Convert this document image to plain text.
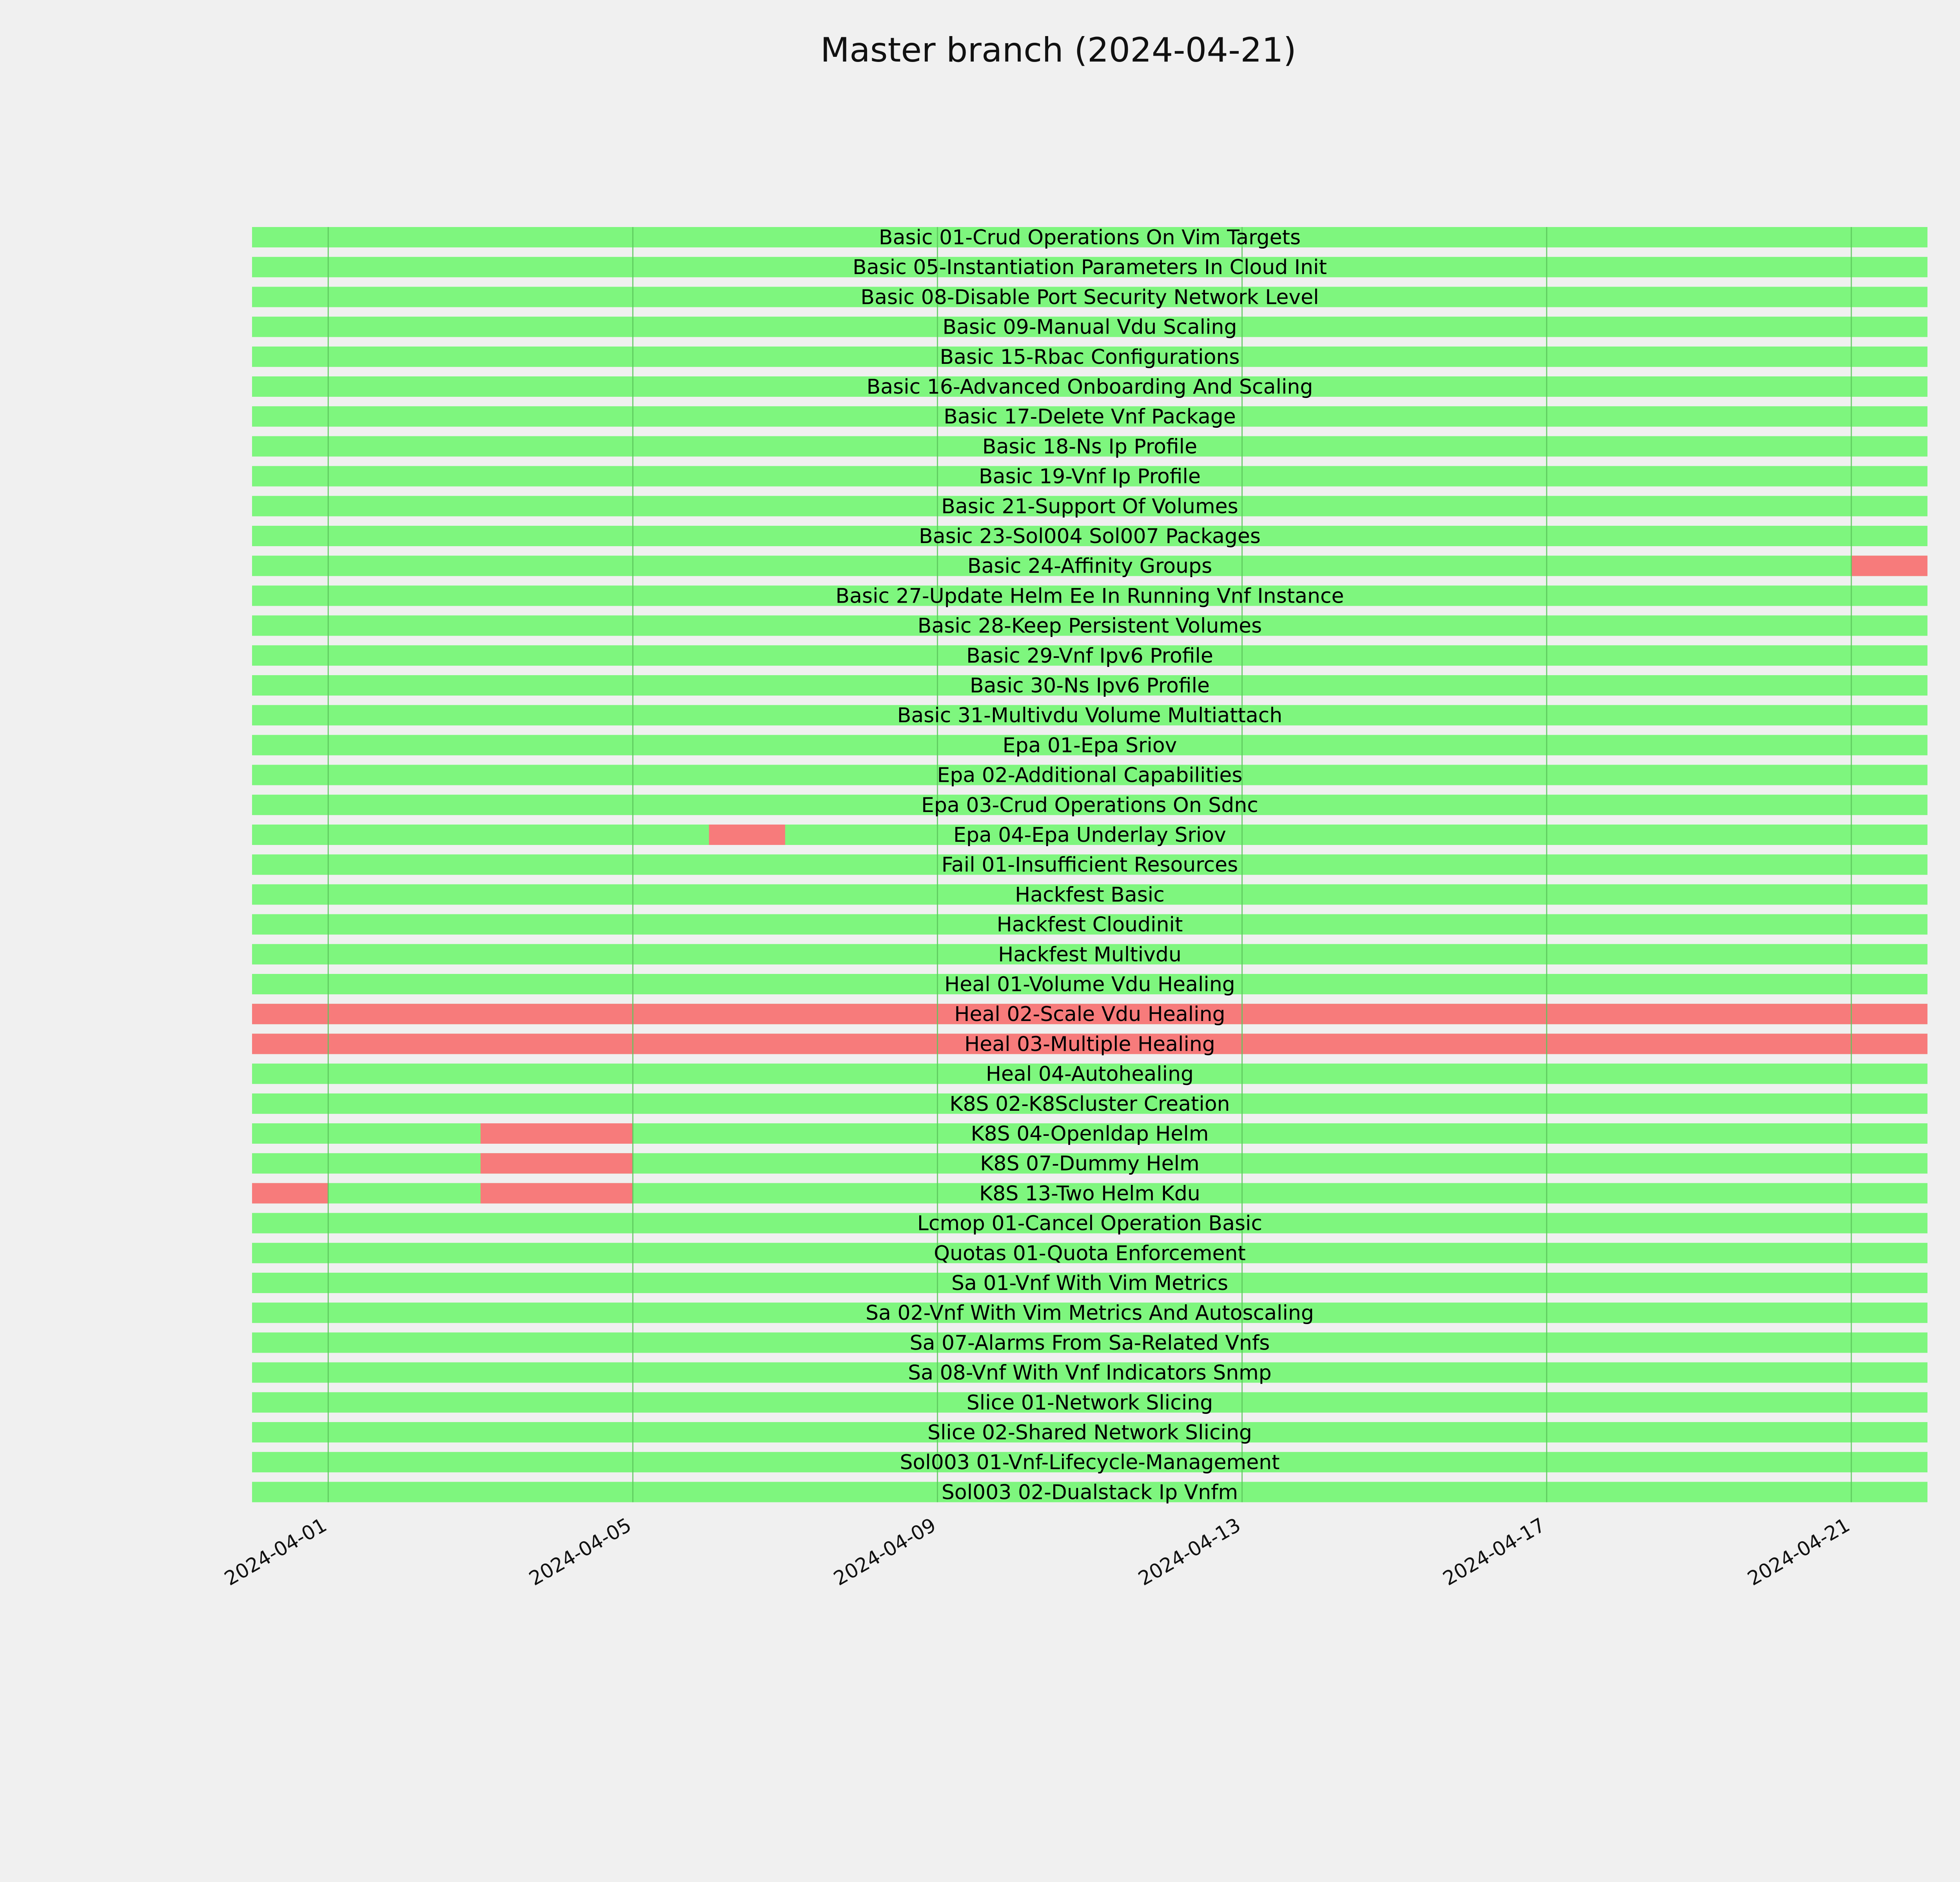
Master branch (2024-04-21)
Basic 01-Crud Operations On Vim Targets
Basic 05-Instantiation Parameters In Cloud Init
Basic 08-Disable Port Security Network Level
Basic 09-Manual Vdu Scaling
Basic 15-Rbac Configurations
Basic 16-Advanced Onboarding And Scaling
Basic 17-Delete Vnf Package
Basic 18-Ns Ip Profile
Basic 19-Vnf Ip Profile
Basic 21-Support Of Volumes
Basic 23-Sol004 Sol007 Packages
Basic 24-Affinity Groups
Basic 27-Update Helm Ee In Running Vnf Instance
Basic 28-Keep Persistent Volumes
Basic 29-Vnf Ipv6 Profile
Basic 30-Ns Ipv6 Profile
Basic 31-Multivdu Volume Multiattach
Epa 01-Epa Sriov
Epa 02-Additional Capabilities
Epa 03-Crud Operations On Sdnc
Epa 04-Epa Underlay Sriov
Fail 01-Insufficient Resources
Hackfest Basic
Hackfest Cloudinit
Hackfest Multivdu
Heal 01-Volume Vdu Healing
Heal 02-Scale Vdu Healing
Heal 03-Multiple Healing
Heal 04-Autohealing
K8S 02-K8Scluster Creation
K8S 04-Openldap Helm
K8S 07-Dummy Helm
K8S 13-Two Helm Kdu
Lcmop 01-Cancel Operation Basic
Quotas 01-Quota Enforcement
Sa 01-Vnf With Vim Metrics
Sa 02-Vnf With Vim Metrics And Autoscaling
Sa 07-Alarms From Sa-Related Vnfs
Sa 08-Vnf With Vnf Indicators Snmp
Slice 01-Network Slicing
Slice 02-Shared Network Slicing
Sol003 01-Vnf-Lifecycle-Management
Sol003 02-Dualstack Ip Vnfm
2024-04-01	2024-04-05	2024-04-09	2024-04-13	2024-04-17	2024-04-21
